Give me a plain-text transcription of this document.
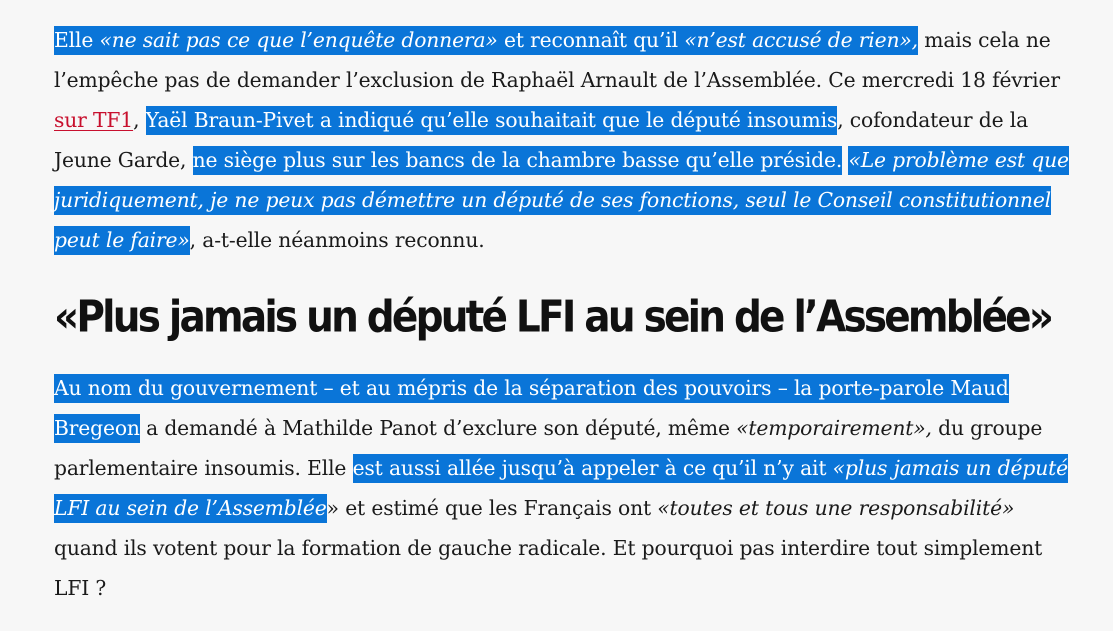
Elle «ne sait pas ce que l’enquête donnera» et reconnaît qu’il «n’est accusé de rien», mais cela ne l’empêche pas de demander l’exclusion de Raphaël Arnault de l’Assemblée. Ce mercredi 18 février sur TF1, Yaël Braun-Pivet a indiqué qu’elle souhaitait que le député insoumis, cofondateur de la Jeune Garde, ne siège plus sur les bancs de la chambre basse qu’elle préside. «Le problème est que juridiquement, je ne peux pas démettre un député de ses fonctions, seul le Conseil constitutionnel peut le faire», a-t-elle néanmoins reconnu.

«Plus jamais un député LFI au sein de l’Assemblée»

Au nom du gouvernement – et au mépris de la séparation des pouvoirs – la porte-parole Maud Bregeon a demandé à Mathilde Panot d’exclure son député, même «temporairement», du groupe parlementaire insoumis. Elle est aussi allée jusqu’à appeler à ce qu’il n’y ait «plus jamais un député LFI au sein de l’Assemblée» et estimé que les Français ont «toutes et tous une responsabilité» quand ils votent pour la formation de gauche radicale. Et pourquoi pas interdire tout simplement LFI ?
